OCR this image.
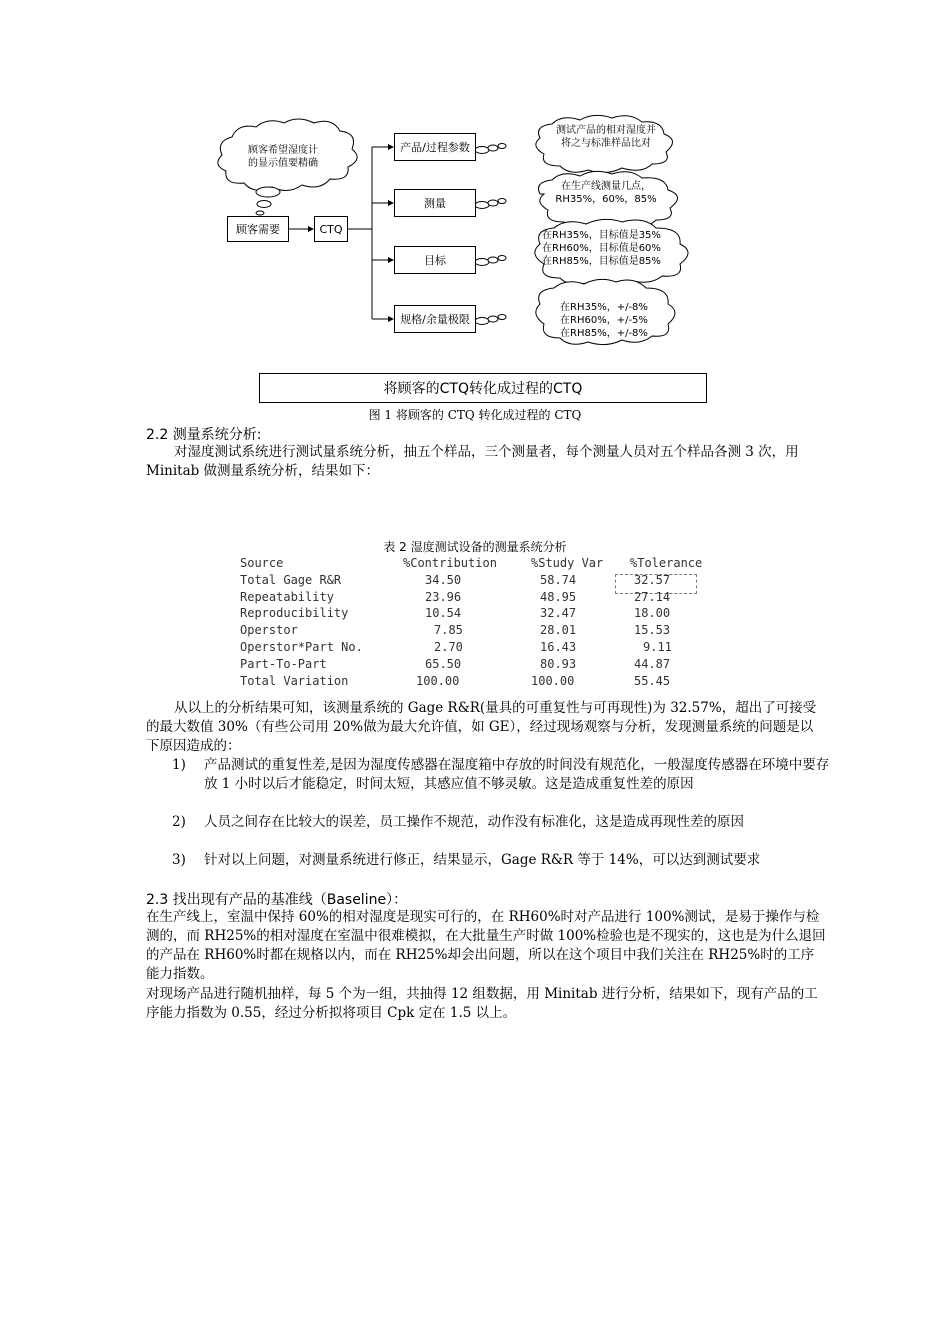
顾客希望湿度计
的显示值要精确
顾客需要	CTQ
产品/过程参数
测量
目标
规格/余量极限
测试产品的相对湿度并
将之与标准样品比对
在生产线测量几点，
RH35%，60%，85%
在RH35%，目标值是35%
在RH60%，目标值是60%
在RH85%，目标值是85%
在RH35%，+/-8%
在RH60%，+/-5%
在RH85%，+/-8%
将顾客的CTQ转化成过程的CTQ
图 1 将顾客的 CTQ 转化成过程的 CTQ
2.2 测量系统分析:
对湿度测试系统进行测试量系统分析，抽五个样品，三个测量者，每个测量人员对五个样品各测 3 次，用 Minitab 做测量系统分析，结果如下：
表 2 湿度测试设备的测量系统分析
Source	%Contribution	%Study Var %Tolerance
Total Gage R&R	34.50	58.74	32.57
Repeatability	23.96	48.95	27.14
Reproducibility	10.54	32.47	18.00
Operstor	7.85	28.01	15.53
Operstor*Part No.	2.70	16.43	9.11
Part-To-Part	65.50	80.93	44.87
Total Variation	100.00	100.00	55.45
从以上的分析结果可知，该测量系统的 Gage R&R(量具的可重复性与可再现性)为 32.57%，超出了可接受的最大数值 30%（有些公司用 20%做为最大允许值，如 GE），经过现场观察与分析，发现测量系统的问题是以下原因造成的：
1)	产品测试的重复性差,是因为湿度传感器在湿度箱中存放的时间没有规范化，一般湿度传感器在环境中要存放 1 小时以后才能稳定，时间太短，其感应值不够灵敏。这是造成重复性差的原因
2)	人员之间存在比较大的误差，员工操作不规范，动作没有标准化，这是造成再现性差的原因
3)	针对以上问题，对测量系统进行修正，结果显示，Gage R&R 等于 14%，可以达到测试要求
2.3 找出现有产品的基准线（Baseline）：
在生产线上，室温中保持 60%的相对湿度是现实可行的，在 RH60%时对产品进行 100%测试，是易于操作与检测的，而 RH25%的相对湿度在室温中很难模拟，在大批量生产时做 100%检验也是不现实的，这也是为什么退回的产品在 RH60%时都在规格以内，而在 RH25%却会出问题，所以在这个项目中我们关注在 RH25%时的工序能力指数。
对现场产品进行随机抽样，每 5 个为一组，共抽得 12 组数据，用 Minitab 进行分析，结果如下，现有产品的工序能力指数为 0.55，经过分析拟将项目 Cpk 定在 1.5 以上。
